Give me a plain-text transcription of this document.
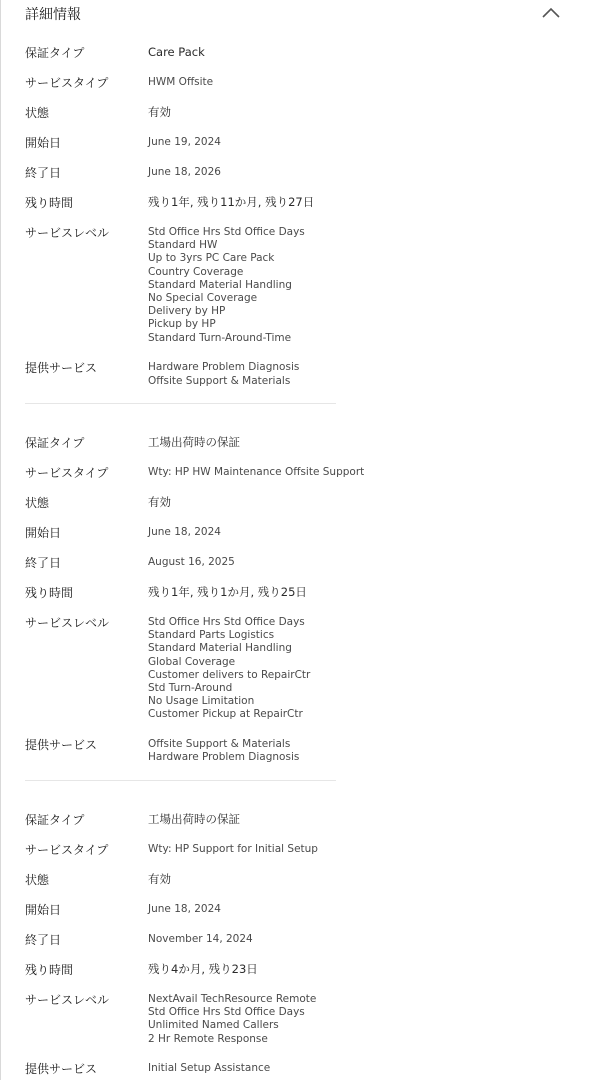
保証タイプ	Care Pack
サービスタイプ	HWM Offsite
状態	有効
開始日	June 19, 2024
終了日	June 18, 2026
残り時間	残り1年, 残り11か月, 残り27日
サービスレベル	Std Office Hrs Std Office Days
Standard HW
Up to 3yrs PC Care Pack
Country Coverage
Standard Material Handling
No Special Coverage
Delivery by HP
Pickup by HP
Standard Turn-Around-Time
提供サービス	Hardware Problem Diagnosis
Offsite Support & Materials
保証タイプ	工場出荷時の保証
サービスタイプ	Wty: HP HW Maintenance Offsite Support
状態	有効
開始日	June 18, 2024
終了日	August 16, 2025
残り時間	残り1年, 残り1か月, 残り25日
サービスレベル	Std Office Hrs Std Office Days
Standard Parts Logistics
Standard Material Handling
Global Coverage
Customer delivers to RepairCtr
Std Turn-Around
No Usage Limitation
Customer Pickup at RepairCtr
提供サービス	Offsite Support & Materials
Hardware Problem Diagnosis
保証タイプ	工場出荷時の保証
サービスタイプ	Wty: HP Support for Initial Setup
状態	有効
開始日	June 18, 2024
終了日	November 14, 2024
残り時間	残り4か月, 残り23日
サービスレベル	NextAvail TechResource Remote
Std Office Hrs Std Office Days
Unlimited Named Callers
2 Hr Remote Response
提供サービス	Initial Setup Assistance
詳細情報
